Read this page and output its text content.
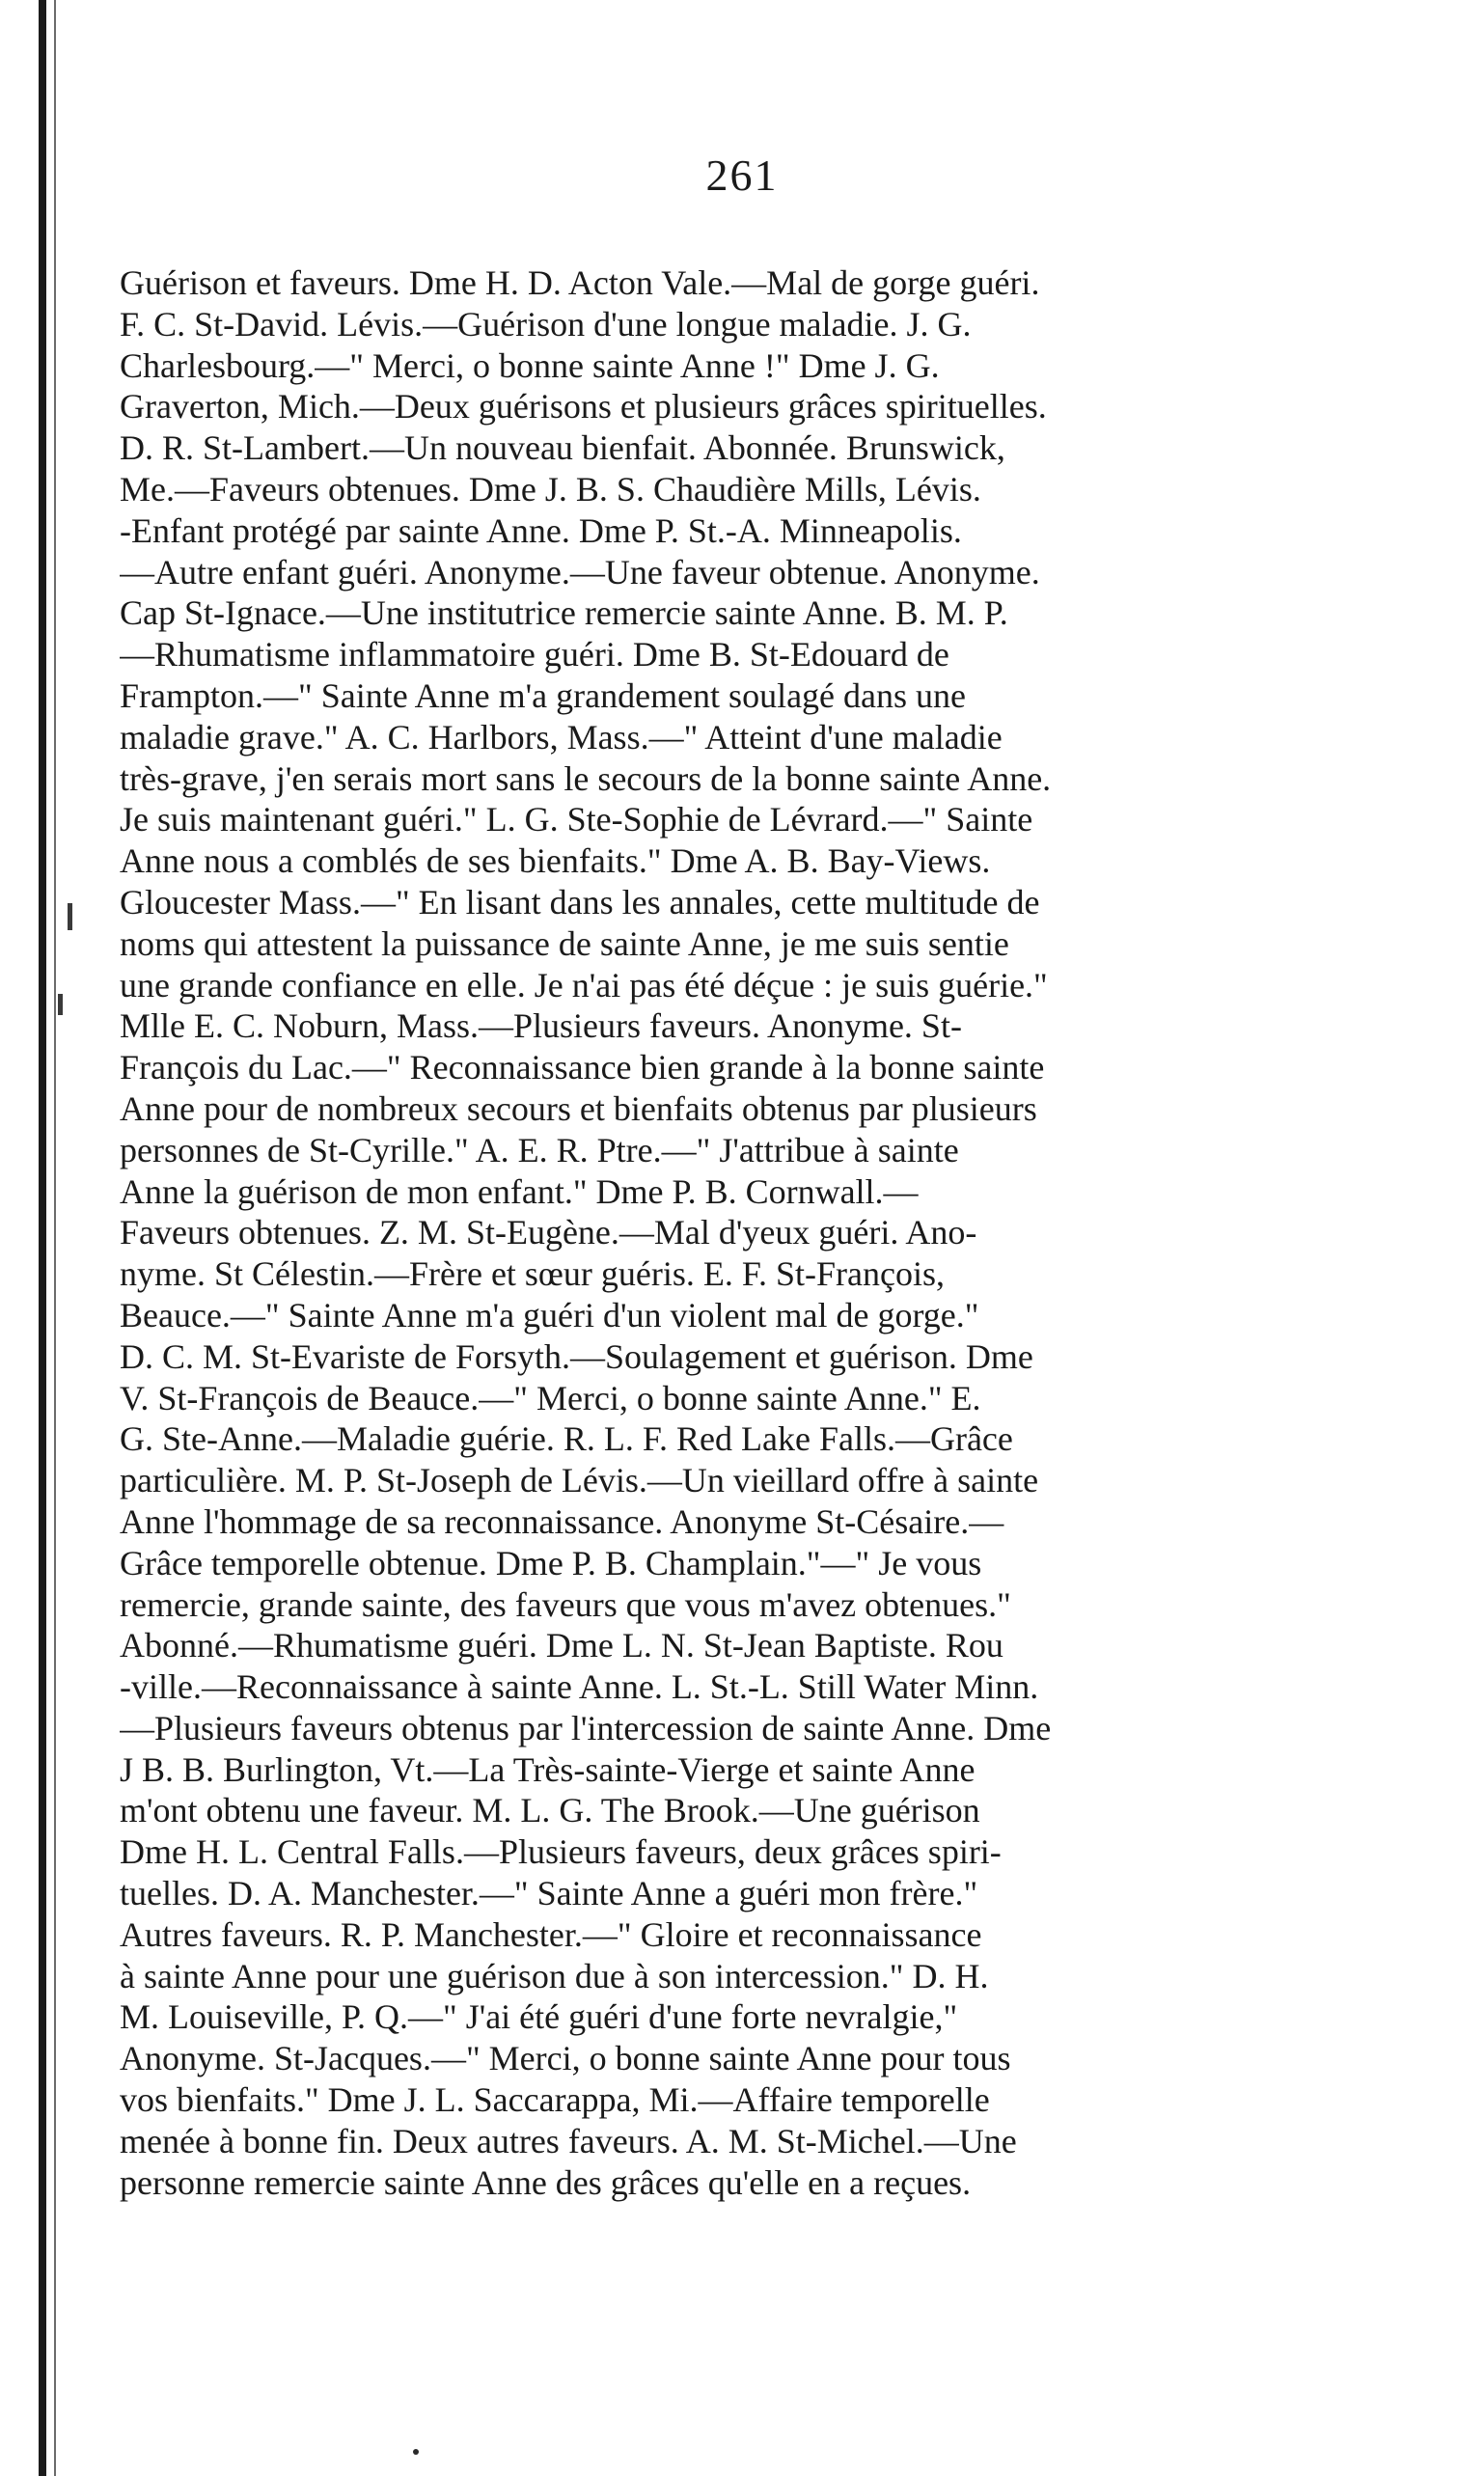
261
Guérison et faveurs. Dme H. D. Acton Vale.—Mal de gorge guéri.
F. C. St-David. Lévis.—Guérison d'une longue maladie. J. G.
Charlesbourg.—" Merci, o bonne sainte Anne !" Dme J. G.
Graverton, Mich.—Deux guérisons et plusieurs grâces spirituelles.
D. R. St-Lambert.—Un nouveau bienfait. Abonnée. Brunswick,
Me.—Faveurs obtenues. Dme J. B. S. Chaudière Mills, Lévis.
-Enfant protégé par sainte Anne. Dme P. St.-A. Minneapolis.
—Autre enfant guéri. Anonyme.—Une faveur obtenue. Anonyme.
Cap St-Ignace.—Une institutrice remercie sainte Anne. B. M. P.
—Rhumatisme inflammatoire guéri. Dme B. St-Edouard de
Frampton.—" Sainte Anne m'a grandement soulagé dans une
maladie grave." A. C. Harlbors, Mass.—" Atteint d'une maladie
très-grave, j'en serais mort sans le secours de la bonne sainte Anne.
Je suis maintenant guéri." L. G. Ste-Sophie de Lévrard.—" Sainte
Anne nous a comblés de ses bienfaits." Dme A. B. Bay-Views.
Gloucester Mass.—" En lisant dans les annales, cette multitude de
noms qui attestent la puissance de sainte Anne, je me suis sentie
une grande confiance en elle. Je n'ai pas été déçue : je suis guérie."
Mlle E. C. Noburn, Mass.—Plusieurs faveurs. Anonyme. St-
François du Lac.—" Reconnaissance bien grande à la bonne sainte
Anne pour de nombreux secours et bienfaits obtenus par plusieurs
personnes de St-Cyrille." A. E. R. Ptre.—" J'attribue à sainte
Anne la guérison de mon enfant." Dme P. B. Cornwall.—
Faveurs obtenues. Z. M. St-Eugène.—Mal d'yeux guéri. Ano-
nyme. St Célestin.—Frère et sœur guéris. E. F. St-François,
Beauce.—" Sainte Anne m'a guéri d'un violent mal de gorge."
D. C. M. St-Evariste de Forsyth.—Soulagement et guérison. Dme
V. St-François de Beauce.—" Merci, o bonne sainte Anne." E.
G. Ste-Anne.—Maladie guérie. R. L. F. Red Lake Falls.—Grâce
particulière. M. P. St-Joseph de Lévis.—Un vieillard offre à sainte
Anne l'hommage de sa reconnaissance. Anonyme St-Césaire.—
Grâce temporelle obtenue. Dme P. B. Champlain."—" Je vous
remercie, grande sainte, des faveurs que vous m'avez obtenues."
Abonné.—Rhumatisme guéri. Dme L. N. St-Jean Baptiste. Rou
-ville.—Reconnaissance à sainte Anne. L. St.-L. Still Water Minn.
—Plusieurs faveurs obtenus par l'intercession de sainte Anne. Dme
J B. B. Burlington, Vt.—La Très-sainte-Vierge et sainte Anne
m'ont obtenu une faveur. M. L. G. The Brook.—Une guérison
Dme H. L. Central Falls.—Plusieurs faveurs, deux grâces spiri-
tuelles. D. A. Manchester.—" Sainte Anne a guéri mon frère."
Autres faveurs. R. P. Manchester.—" Gloire et reconnaissance
à sainte Anne pour une guérison due à son intercession." D. H.
M. Louiseville, P. Q.—" J'ai été guéri d'une forte nevralgie,"
Anonyme. St-Jacques.—" Merci, o bonne sainte Anne pour tous
vos bienfaits." Dme J. L. Saccarappa, Mi.—Affaire temporelle
menée à bonne fin. Deux autres faveurs. A. M. St-Michel.—Une
personne remercie sainte Anne des grâces qu'elle en a reçues.
